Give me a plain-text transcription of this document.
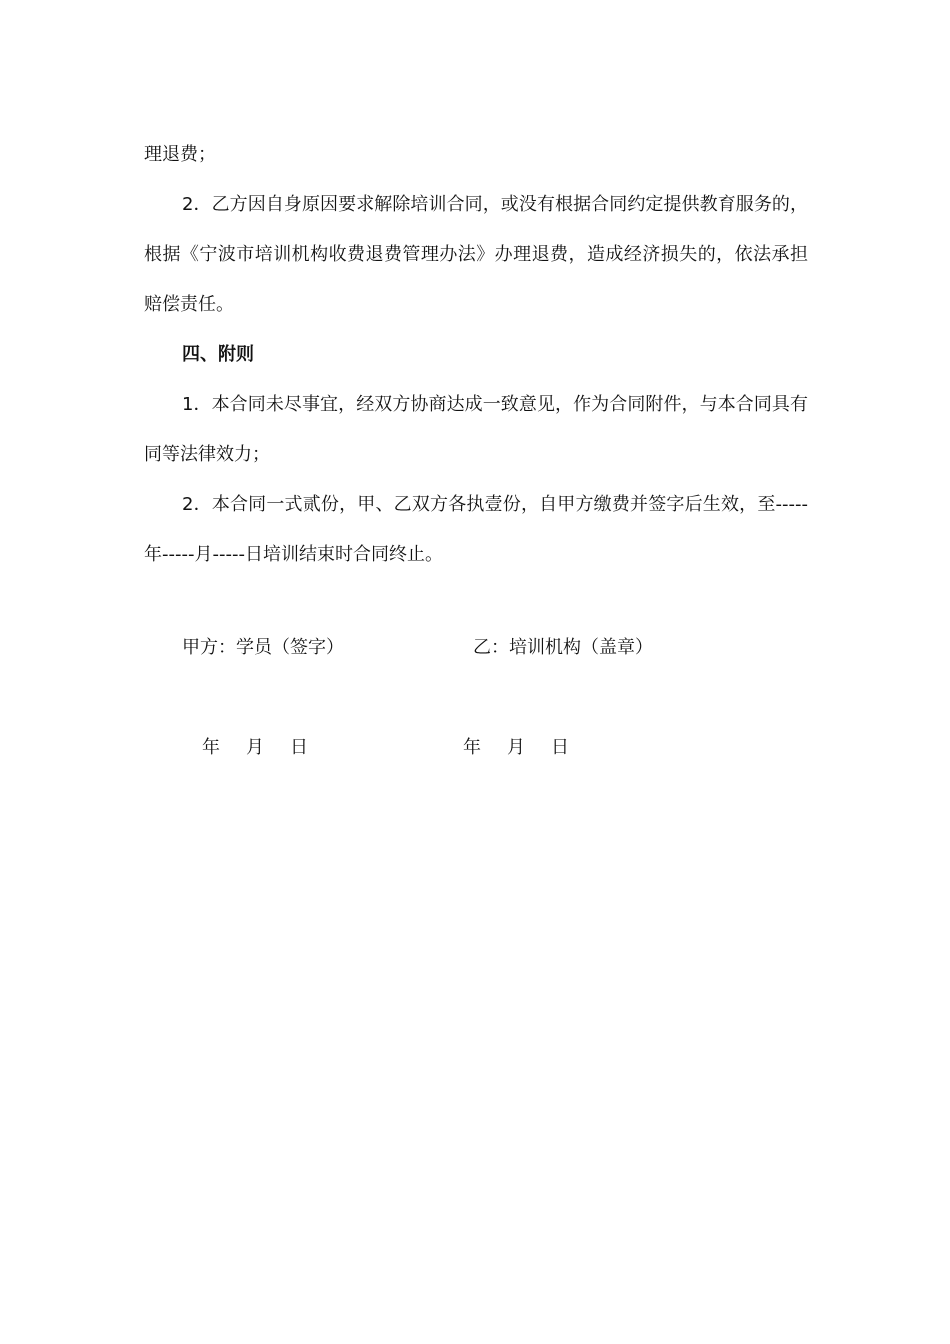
理退费；

2．乙方因自身原因要求解除培训合同，或没有根据合同约定提供教育服务的，根据《宁波市培训机构收费退费管理办法》办理退费，造成经济损失的，依法承担赔偿责任。

四、附则

1．本合同未尽事宜，经双方协商达成一致意见，作为合同附件，与本合同具有同等法律效力；

2．本合同一式贰份，甲、乙双方各执壹份，自甲方缴费并签字后生效，至-----年-----月-----日培训结束时合同终止。

甲方：学员（签字）	乙：培训机构（盖章）
年 月 日	年 月 日
